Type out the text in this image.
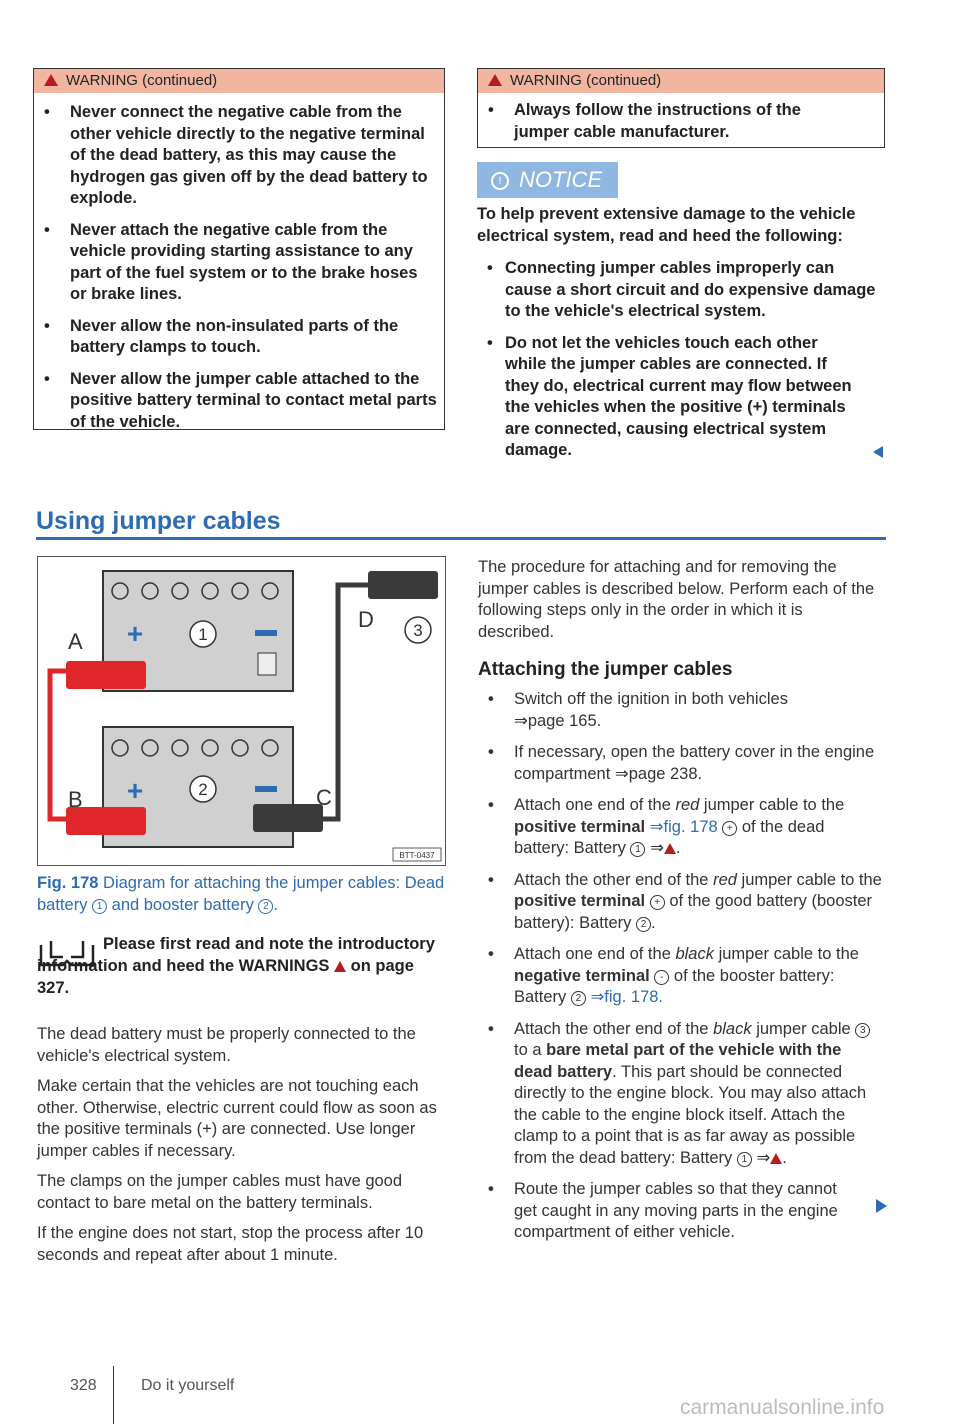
WARNING (continued)
• Never connect the negative cable from the other vehicle directly to the negative terminal of the dead battery, as this may cause the hydrogen gas given off by the dead battery to explode.
• Never attach the negative cable from the vehicle providing starting assistance to any part of the fuel system or to the brake hoses or brake lines.
• Never allow the non-insulated parts of the battery clamps to touch.
• Never allow the jumper cable attached to the positive battery terminal to contact metal parts of the vehicle.
WARNING (continued)
• Always follow the instructions of the jumper cable manufacturer.
! NOTICE
To help prevent extensive damage to the vehicle electrical system, read and heed the following:
• Connecting jumper cables improperly can cause a short circuit and do expensive damage to the vehicle's electrical system.
• Do not let the vehicles touch each other while the jumper cables are connected. If they do, electrical current may flow between the vehicles when the positive (+) terminals are connected, causing electrical system damage.
Using jumper cables
+	1
+	2
3
A
B	C
D
BTT-0437
Fig. 178 Diagram for attaching the jumper cables: Dead battery 1 and booster battery 2 .
Please first read and note the introductory information and heed the WARNINGS on page 327.
The dead battery must be properly connected to the vehicle's electrical system.
Make certain that the vehicles are not touching each other. Otherwise, electric current could flow as soon as the positive terminals (+) are connected. Use longer jumper cables if necessary.
The clamps on the jumper cables must have good contact to bare metal on the battery terminals.
If the engine does not start, stop the process after 10 seconds and repeat after about 1 minute.
The procedure for attaching and for removing the jumper cables is described below. Perform each of the following steps only in the order in which it is described.
Attaching the jumper cables
• Switch off the ignition in both vehicles
⇒page 165.
• If necessary, open the battery cover in the engine compartment ⇒page 238.
• Attach one end of the red jumper cable to the positive terminal ⇒fig. 178 + of the dead battery: Battery 1 ⇒ .
• Attach the other end of the red jumper cable to the positive terminal + of the good battery (booster battery): Battery 2 .
• Attach one end of the black jumper cable to the negative terminal - of the booster battery: Battery 2 ⇒fig. 178.
• Attach the other end of the black jumper cable 3 to a bare metal part of the vehicle with the dead battery. This part should be connected directly to the engine block. You may also attach the cable to the engine block itself. Attach the clamp to a point that is as far away as possible from the dead battery: Battery 1 ⇒ .
• Route the jumper cables so that they cannot get caught in any moving parts in the engine compartment of either vehicle.
328	Do it yourself
carmanualsonline.info
